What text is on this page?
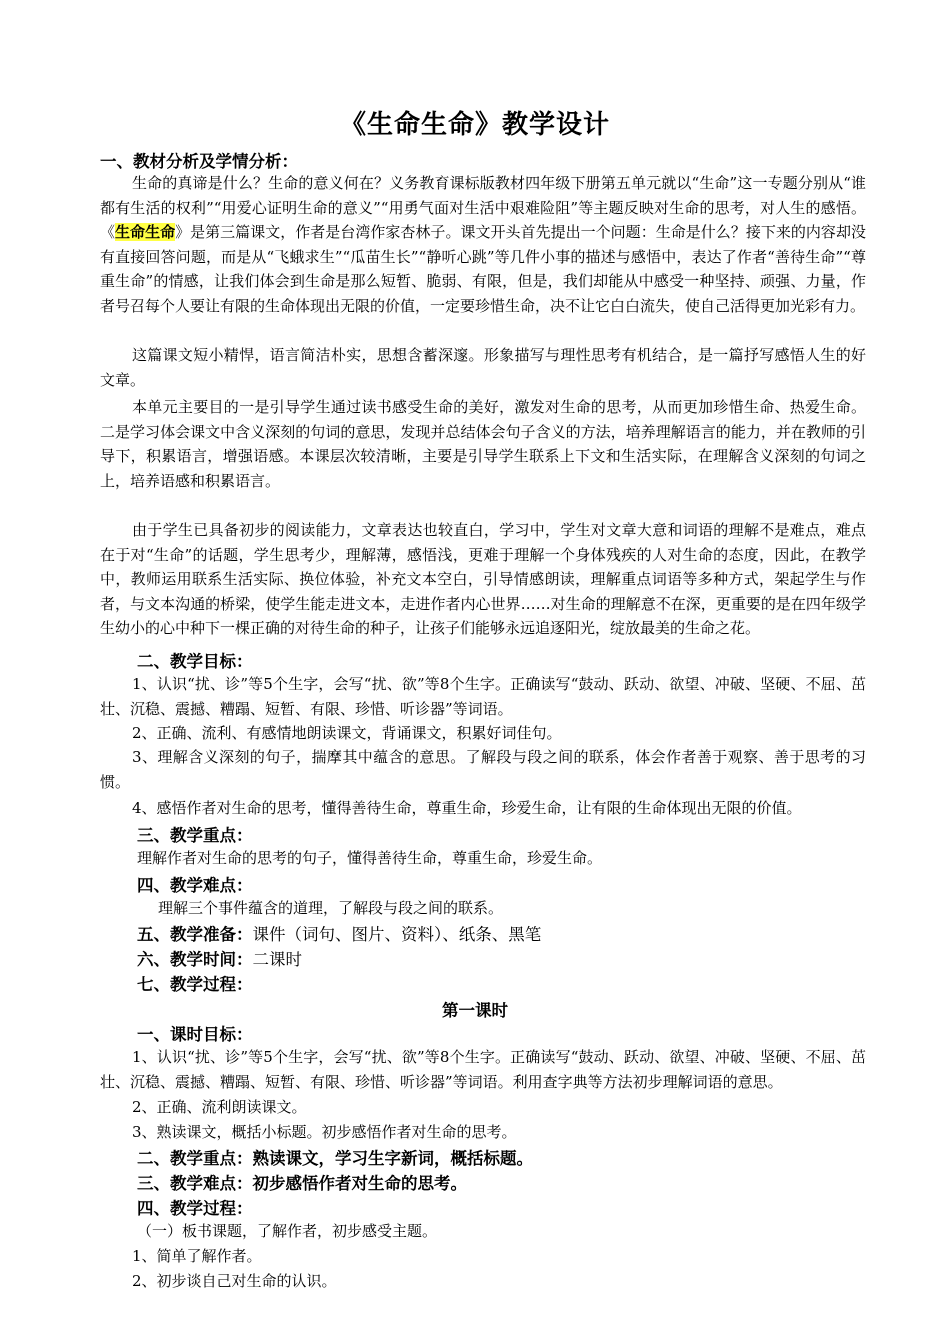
《生命生命》教学设计
一、教材分析及学情分析：
生命的真谛是什么？生命的意义何在？义务教育课标版教材四年级下册第五单元就以“生命”这一专题分别从“谁都有生活的权利”“用爱心证明生命的意义”“用勇气面对生活中艰难险阻”等主题反映对生命的思考，对人生的感悟。《生命生命》是第三篇课文，作者是台湾作家杏林子。课文开头首先提出一个问题：生命是什么？接下来的内容却没有直接回答问题，而是从“飞蛾求生”“瓜苗生长”“静听心跳”等几件小事的描述与感悟中，表达了作者“善待生命”“尊重生命”的情感，让我们体会到生命是那么短暂、脆弱、有限，但是，我们却能从中感受一种坚持、顽强、力量，作者号召每个人要让有限的生命体现出无限的价值，一定要珍惜生命，决不让它白白流失，使自己活得更加光彩有力。
这篇课文短小精悍，语言简洁朴实，思想含蓄深邃。形象描写与理性思考有机结合，是一篇抒写感悟人生的好文章。
本单元主要目的一是引导学生通过读书感受生命的美好，激发对生命的思考，从而更加珍惜生命、热爱生命。二是学习体会课文中含义深刻的句词的意思，发现并总结体会句子含义的方法，培养理解语言的能力，并在教师的引导下，积累语言，增强语感。本课层次较清晰，主要是引导学生联系上下文和生活实际，在理解含义深刻的句词之上，培养语感和积累语言。
由于学生已具备初步的阅读能力，文章表达也较直白，学习中，学生对文章大意和词语的理解不是难点，难点在于对“生命”的话题，学生思考少，理解薄，感悟浅，更难于理解一个身体残疾的人对生命的态度，因此，在教学中，教师运用联系生活实际、换位体验，补充文本空白，引导情感朗读，理解重点词语等多种方式，架起学生与作者，与文本沟通的桥梁，使学生能走进文本，走进作者内心世界……对生命的理解意不在深，更重要的是在四年级学生幼小的心中种下一棵正确的对待生命的种子，让孩子们能够永远追逐阳光，绽放最美的生命之花。
二、教学目标：
1、认识“扰、诊”等5个生字，会写“扰、欲”等8个生字。正确读写“鼓动、跃动、欲望、冲破、坚硬、不屈、茁壮、沉稳、震撼、糟蹋、短暂、有限、珍惜、听诊器”等词语。
2、正确、流利、有感情地朗读课文，背诵课文，积累好词佳句。
3、理解含义深刻的句子，揣摩其中蕴含的意思。了解段与段之间的联系，体会作者善于观察、善于思考的习惯。
4、感悟作者对生命的思考，懂得善待生命，尊重生命，珍爱生命，让有限的生命体现出无限的价值。
三、教学重点：
理解作者对生命的思考的句子，懂得善待生命，尊重生命，珍爱生命。
四、教学难点：
理解三个事件蕴含的道理，了解段与段之间的联系。
五、教学准备：课件（词句、图片、资料）、纸条、黑笔
六、教学时间：二课时
七、教学过程：
第一课时
一、课时目标：
1、认识“扰、诊”等5个生字，会写“扰、欲”等8个生字。正确读写“鼓动、跃动、欲望、冲破、坚硬、不屈、茁壮、沉稳、震撼、糟蹋、短暂、有限、珍惜、听诊器”等词语。利用查字典等方法初步理解词语的意思。
2、正确、流利朗读课文。
3、熟读课文，概括小标题。初步感悟作者对生命的思考。
二、教学重点：熟读课文，学习生字新词，概括标题。
三、教学难点：初步感悟作者对生命的思考。
四、教学过程：
（一）板书课题，了解作者，初步感受主题。
1、简单了解作者。
2、初步谈自己对生命的认识。
